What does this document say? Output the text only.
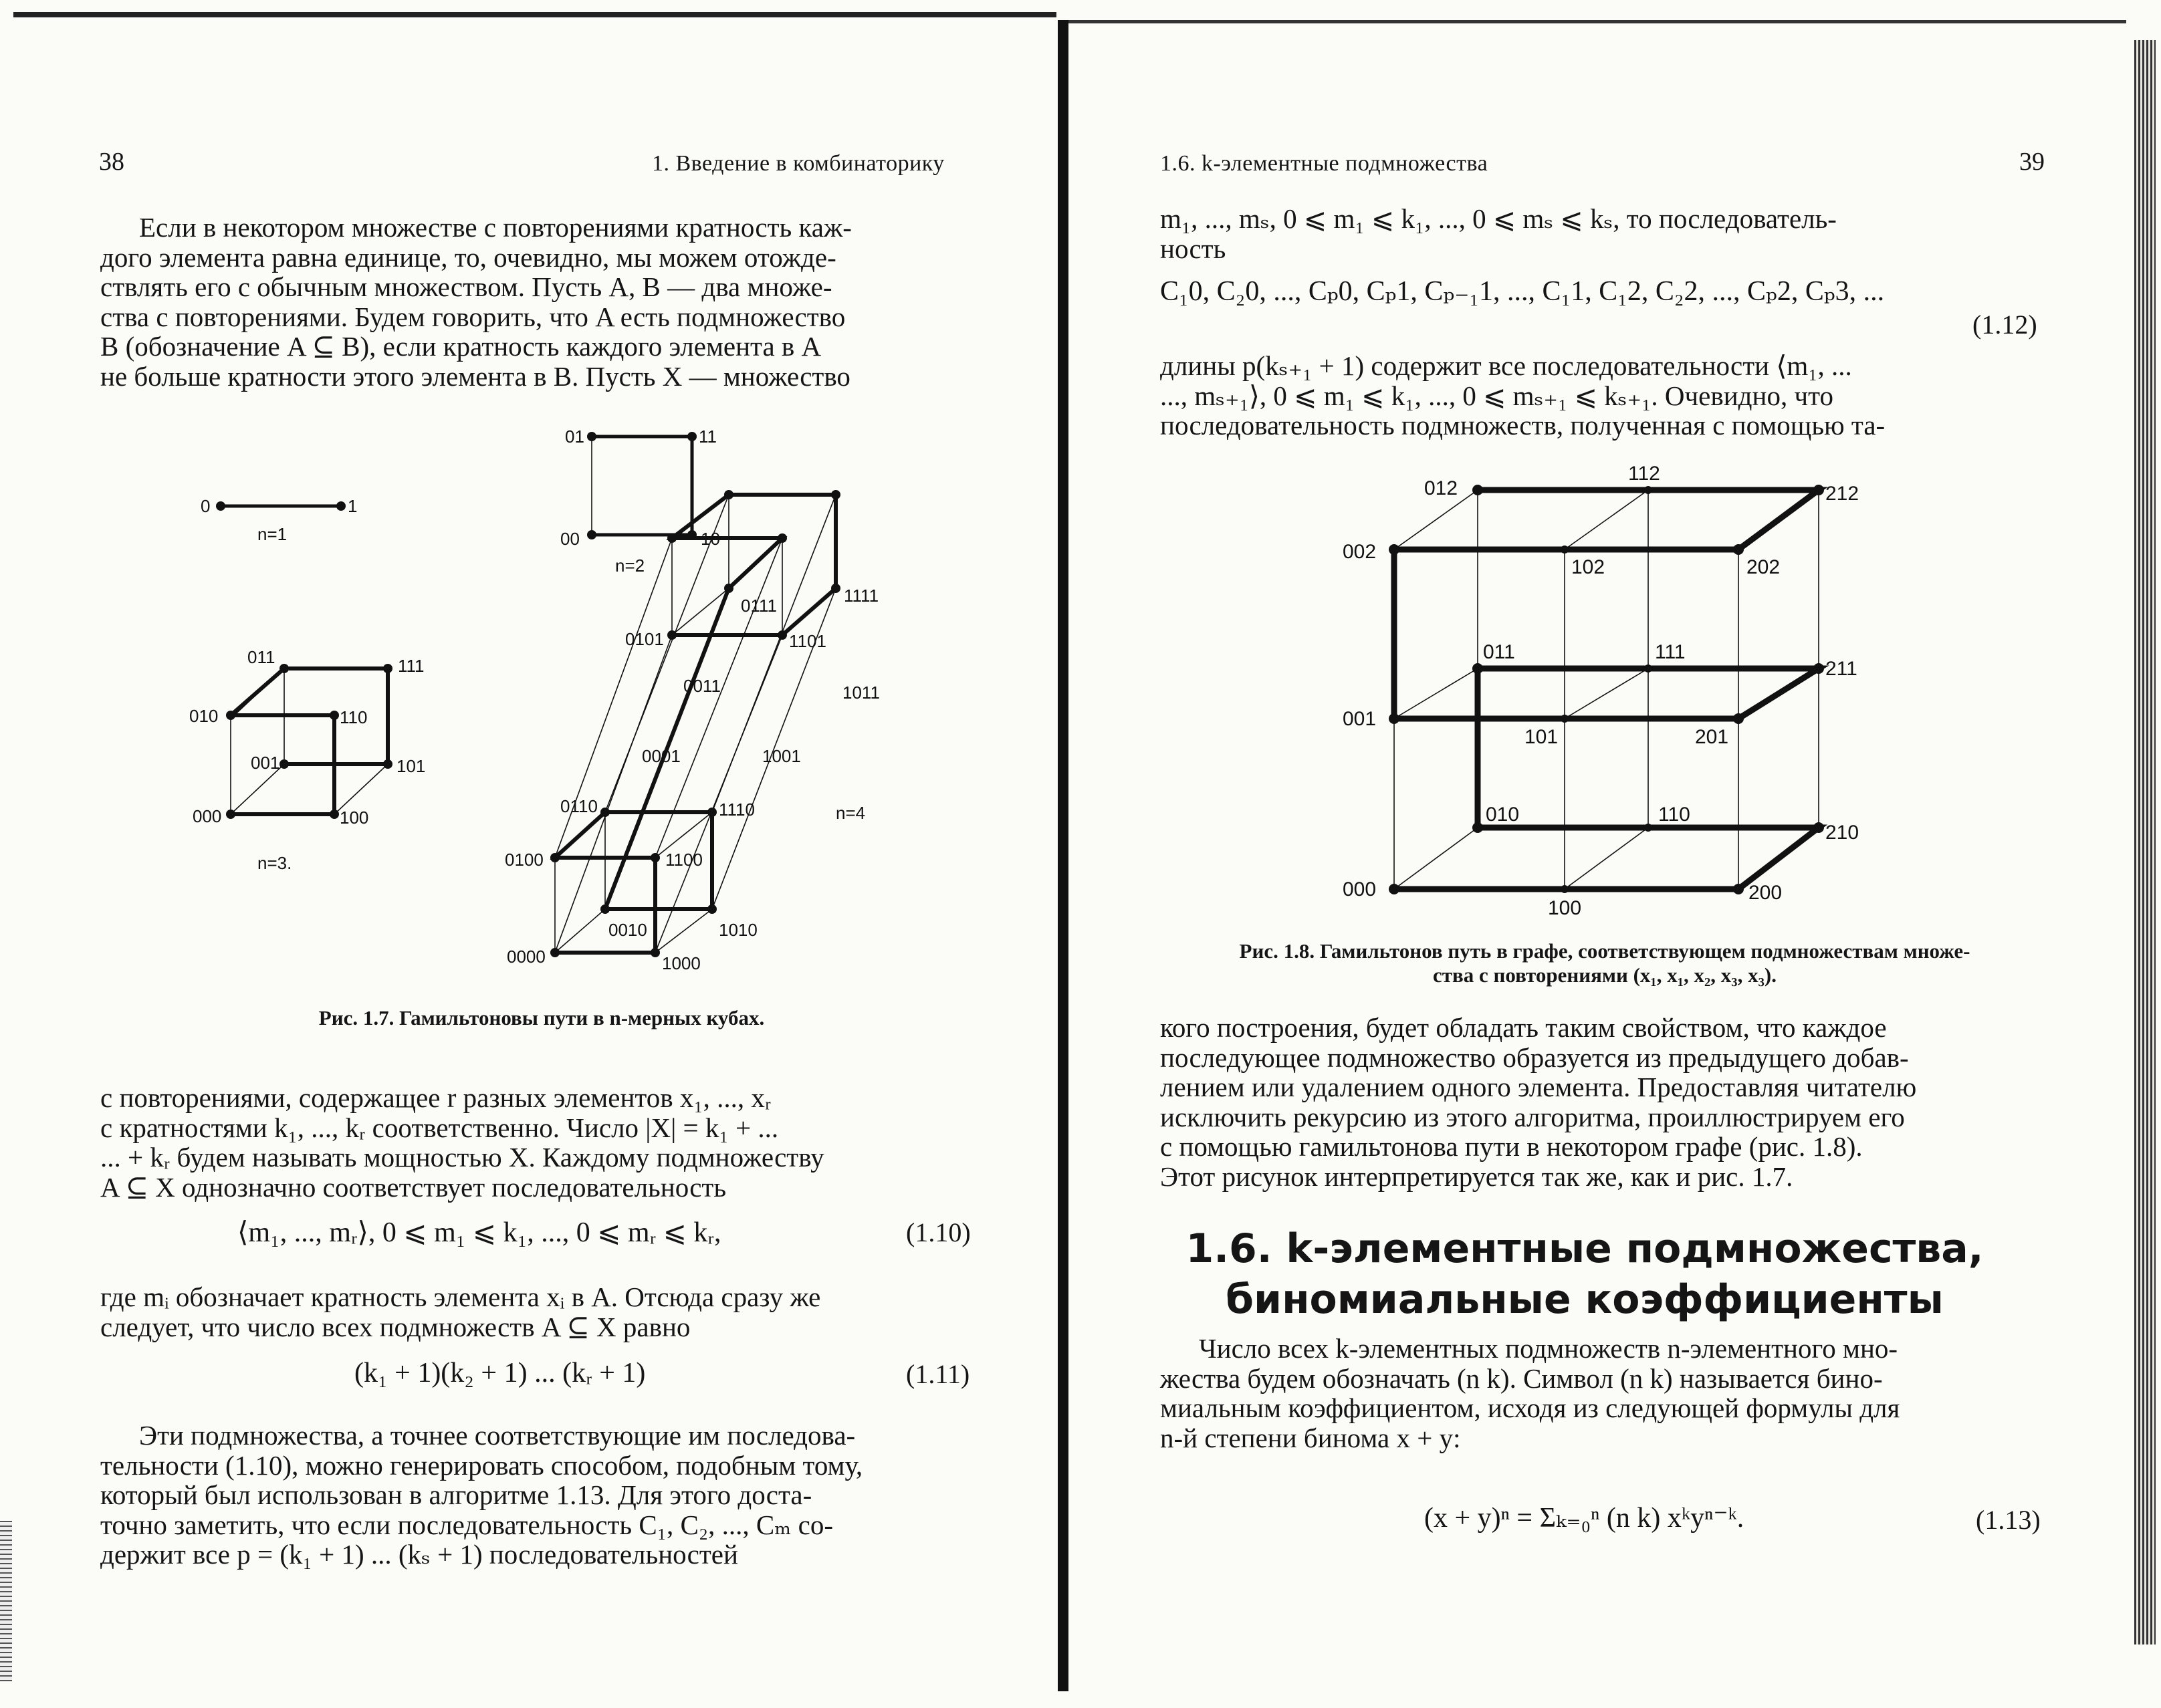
38	1. Введение в комбинаторику

Если в некотором множестве с повторениями кратность каж-

дого элемента равна единице, то, очевидно, мы можем отожде-

ствлять его с обычным множеством. Пусть A, B — два множе-

ства с повторениями. Будем говорить, что A есть подмножество

B (обозначение A ⊆ B), если кратность каждого элемента в A

не больше кратности этого элемента в B. Пусть X — множество

0	1
n=1
01	11
00	10
n=2
011	111
010	110
001	101
000	100
n=3.
0111	1111
0101	1101
0011	1011
0001	1001
0110	1110
0100	1100
0010	1010
0000	1000
n=4
Рис. 1.7. Гамильтоновы пути в n-мерных кубах.

с повторениями, содержащее r разных элементов x₁, ..., xᵣ

с кратностями k₁, ..., kᵣ соответственно. Число |X| = k₁ + ...

... + kᵣ будем называть мощностью X. Каждому подмножеству

A ⊆ X однозначно соответствует последовательность

⟨m₁, ..., mᵣ⟩, 0 ⩽ m₁ ⩽ k₁, ..., 0 ⩽ mᵣ ⩽ kᵣ,	(1.10)

где mᵢ обозначает кратность элемента xᵢ в A. Отсюда сразу же

следует, что число всех подмножеств A ⊆ X равно

(k₁ + 1)(k₂ + 1) ... (kᵣ + 1)	(1.11)

Эти подмножества, а точнее соответствующие им последова-

тельности (1.10), можно генерировать способом, подобным тому,

который был использован в алгоритме 1.13. Для этого доста-

точно заметить, что если последовательность C₁, C₂, ..., Cₘ со-

держит все p = (k₁ + 1) ... (kₛ + 1) последовательностей

1.6. k-элементные подмножества	39

m₁, ..., mₛ, 0 ⩽ m₁ ⩽ k₁, ..., 0 ⩽ mₛ ⩽ kₛ, то последователь-

ность

C₁0, C₂0, ..., Cₚ0, Cₚ1, Cₚ₋₁1, ..., C₁1, C₁2, C₂2, ..., Cₚ2, Cₚ3, ...
(1.12)

длины p(kₛ₊₁ + 1) содержит все последовательности ⟨m₁, ...

..., mₛ₊₁⟩, 0 ⩽ m₁ ⩽ k₁, ..., 0 ⩽ mₛ₊₁ ⩽ kₛ₊₁. Очевидно, что

последовательность подмножеств, полученная с помощью та-

012
112
212
002
102	202
011	111
211
001
101	201
010	110
210
000
100
200
Рис. 1.8. Гамильтонов путь в графе, соответствующем подмножествам множе-
ства с повторениями (x₁, x₁, x₂, x₃, x₃).

кого построения, будет обладать таким свойством, что каждое

последующее подмножество образуется из предыдущего добав-

лением или удалением одного элемента. Предоставляя читателю

исключить рекурсию из этого алгоритма, проиллюстрируем его

с помощью гамильтонова пути в некотором графе (рис. 1.8).

Этот рисунок интерпретируется так же, как и рис. 1.7.

1.6. k-элементные подмножества,
биномиальные коэффициенты

Число всех k-элементных подмножеств n-элементного мно-

жества будем обозначать (n k). Символ (n k) называется бино-

миальным коэффициентом, исходя из следующей формулы для

n-й степени бинома x + y:

(x + y)ⁿ = Σₖ₌₀ⁿ (n k) xᵏyⁿ⁻ᵏ.	(1.13)
